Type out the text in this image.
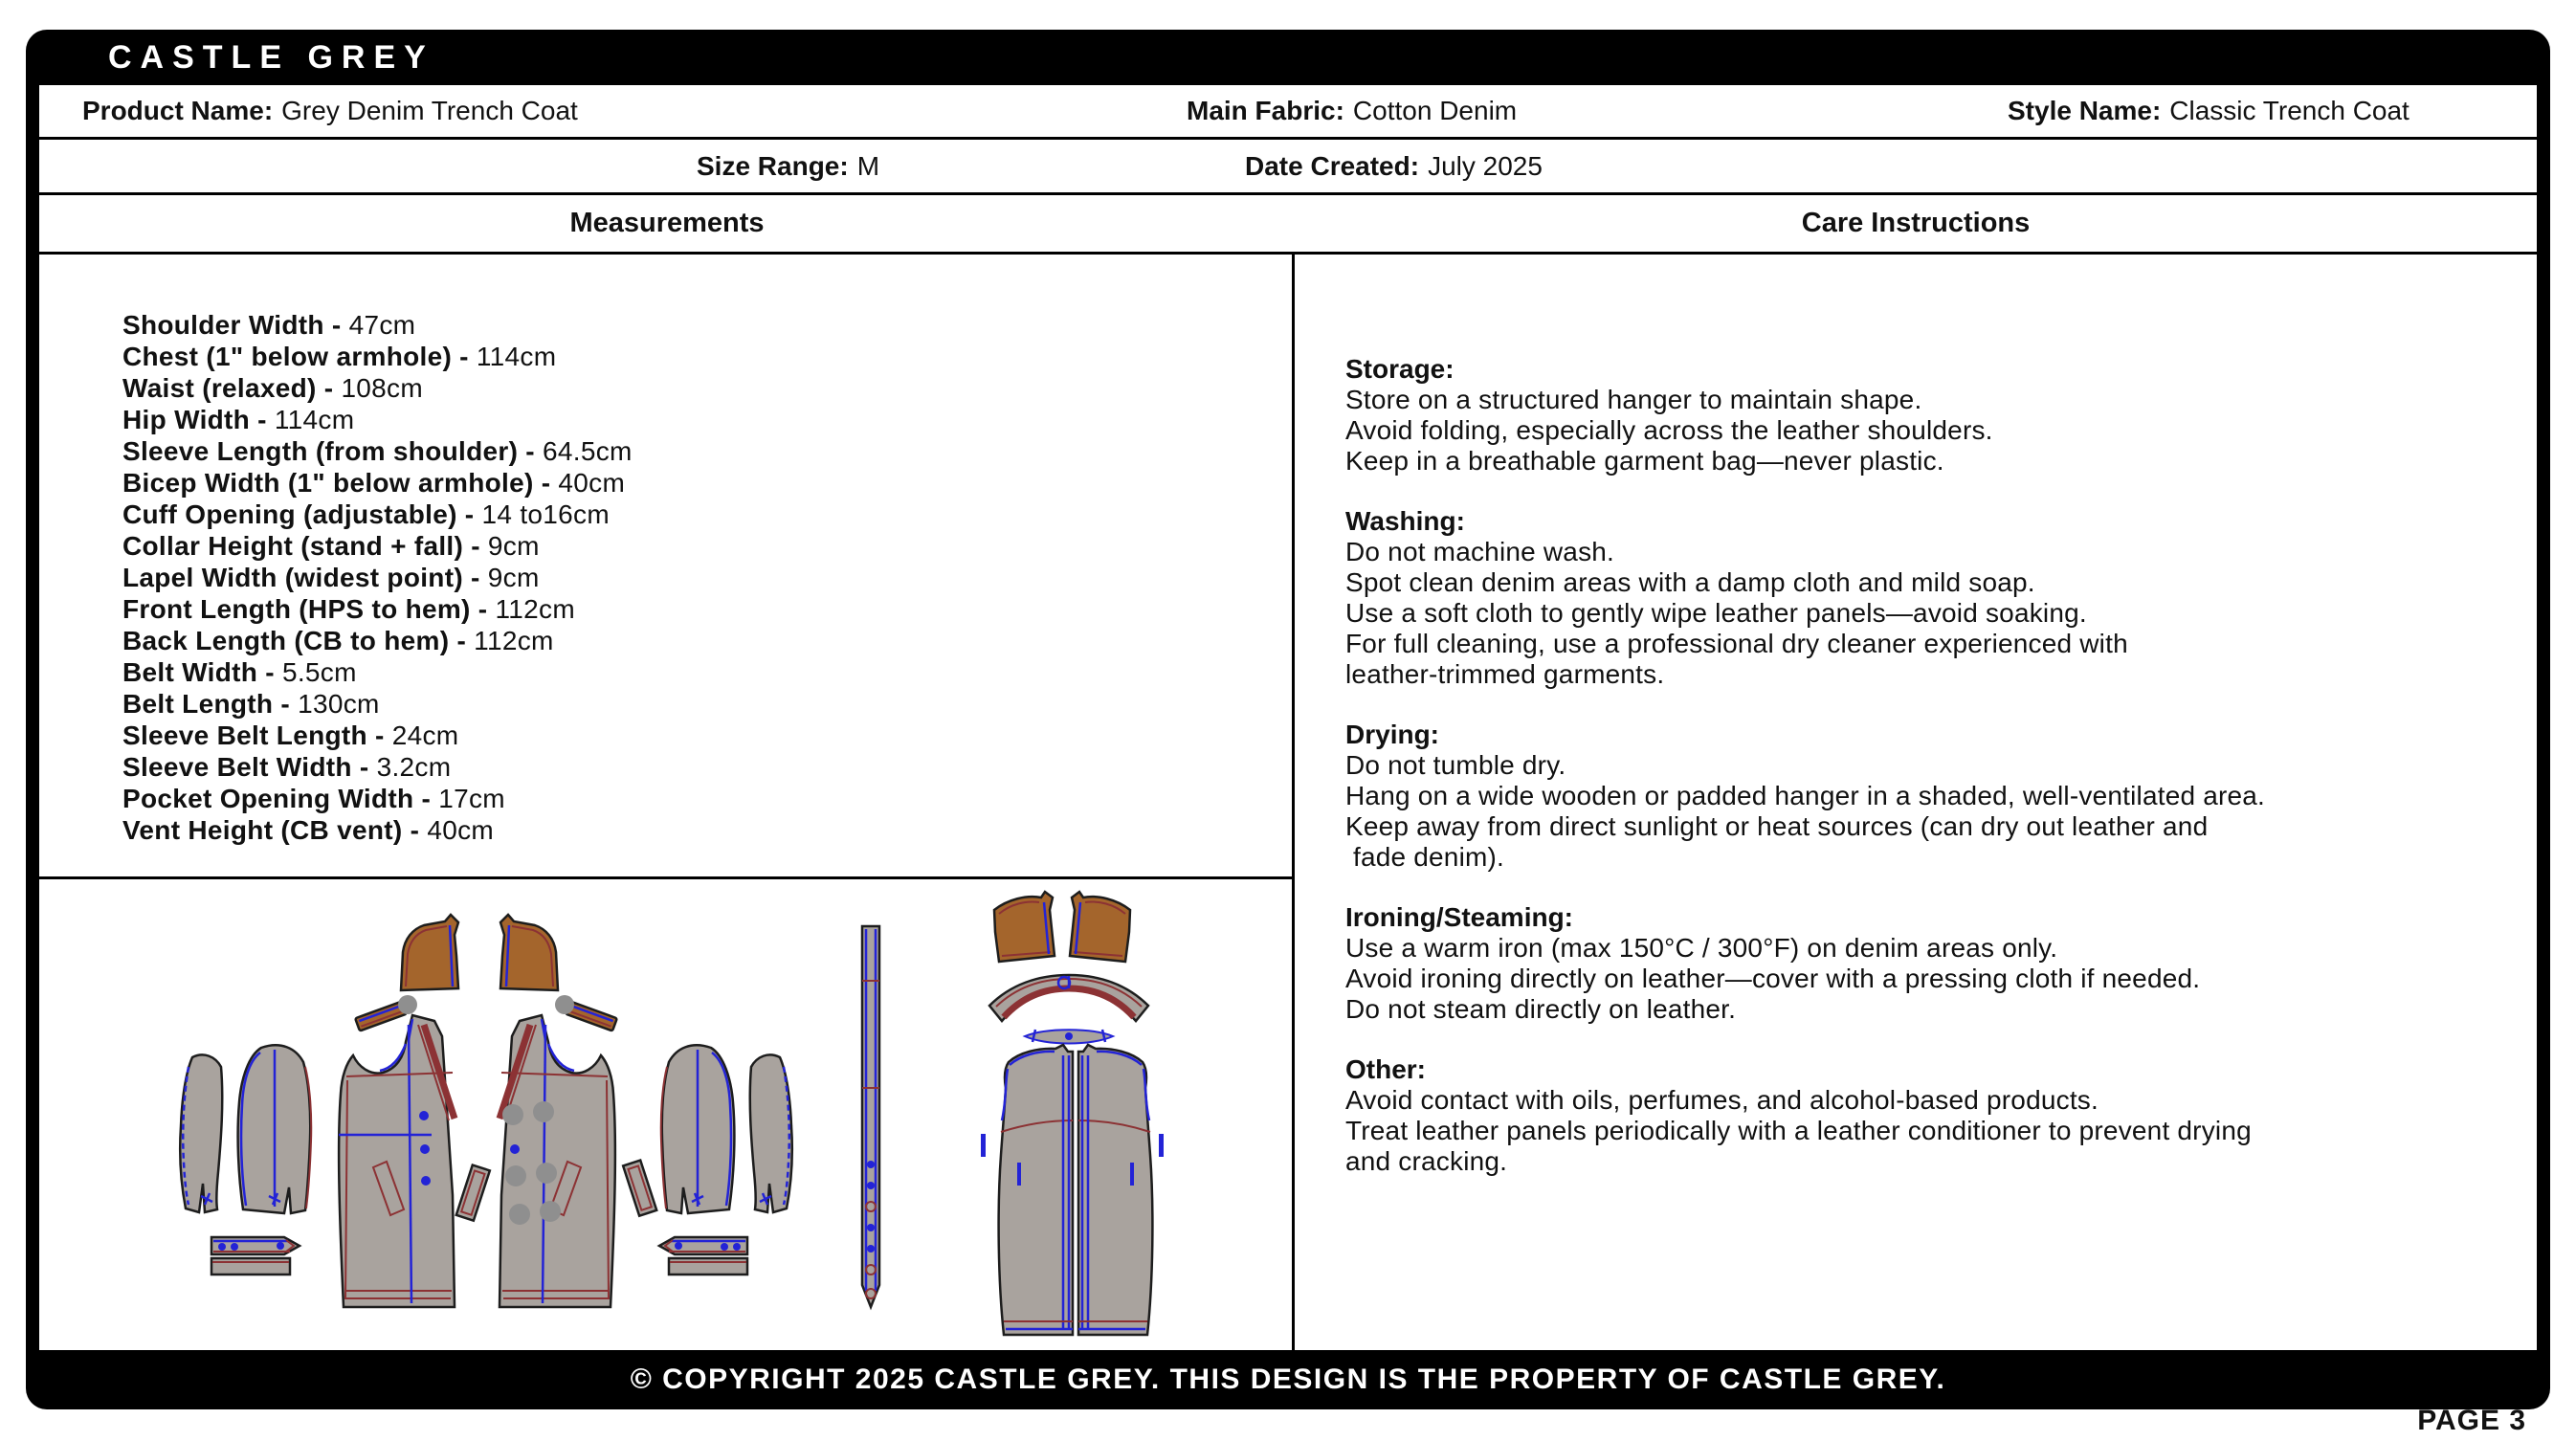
CASTLE GREY
Product Name: Grey Denim Trench Coat	Main Fabric: Cotton Denim	Style Name: Classic Trench Coat
Size Range: M	Date Created: July 2025
Measurements	Care Instructions
Shoulder Width - 47cm
Chest (1" below armhole) - 114cm
Waist (relaxed) - 108cm
Hip Width - 114cm
Sleeve Length (from shoulder) - 64.5cm
Bicep Width (1" below armhole) - 40cm
Cuff Opening (adjustable) - 14 to16cm
Collar Height (stand + fall) - 9cm
Lapel Width (widest point) - 9cm
Front Length (HPS to hem) - 112cm
Back Length (CB to hem) - 112cm
Belt Width - 5.5cm
Belt Length - 130cm
Sleeve Belt Length - 24cm
Sleeve Belt Width - 3.2cm
Pocket Opening Width - 17cm
Vent Height (CB vent) - 40cm
Storage:
Store on a structured hanger to maintain shape.
Avoid folding, especially across the leather shoulders.
Keep in a breathable garment bag—never plastic.
Washing:
Do not machine wash.
Spot clean denim areas with a damp cloth and mild soap.
Use a soft cloth to gently wipe leather panels—avoid soaking.
For full cleaning, use a professional dry cleaner experienced with
leather-trimmed garments.
Drying:
Do not tumble dry.
Hang on a wide wooden or padded hanger in a shaded, well-ventilated area.
Keep away from direct sunlight or heat sources (can dry out leather and
fade denim).
Ironing/Steaming:
Use a warm iron (max 150°C / 300°F) on denim areas only.
Avoid ironing directly on leather—cover with a pressing cloth if needed.
Do not steam directly on leather.
Other:
Avoid contact with oils, perfumes, and alcohol-based products.
Treat leather panels periodically with a leather conditioner to prevent drying
and cracking.
© COPYRIGHT 2025 CASTLE GREY. THIS DESIGN IS THE PROPERTY OF CASTLE GREY.
PAGE 3
